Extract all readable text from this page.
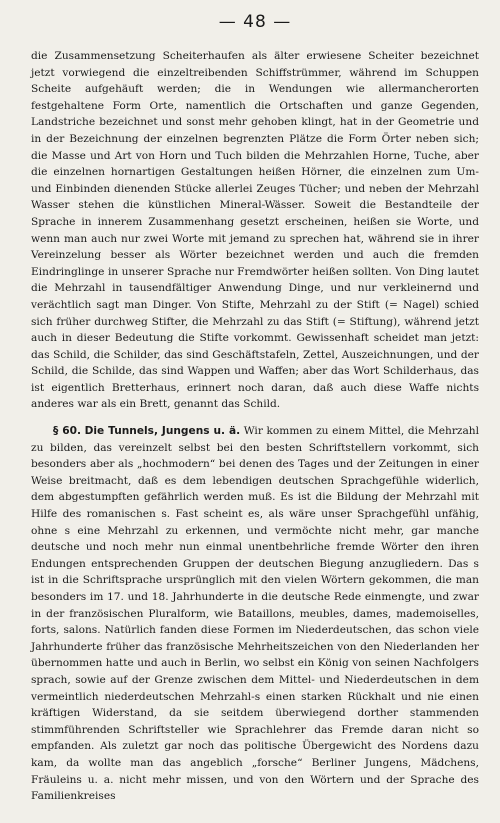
— 48 —

die Zusammensetzung Scheiterhaufen als älter erwiesene Scheiter bezeichnet jetzt vorwiegend die einzeltreibenden Schiffstrümmer, während im Schuppen Scheite aufgehäuft werden; die in Wendungen wie allermancherorten festgehaltene Form Orte, namentlich die Ortschaften und ganze Gegenden, Landstriche bezeichnet und sonst mehr gehoben klingt, hat in der Geometrie und in der Bezeichnung der einzelnen begrenzten Plätze die Form Örter neben sich; die Masse und Art von Horn und Tuch bilden die Mehrzahlen Horne, Tuche, aber die einzelnen hornartigen Gestaltungen heißen Hörner, die einzelnen zum Um- und Einbinden dienenden Stücke allerlei Zeuges Tücher; und neben der Mehrzahl Wasser stehen die künstlichen Mineral-Wässer. Soweit die Bestandteile der Sprache in innerem Zusammenhang gesetzt erscheinen, heißen sie Worte, und wenn man auch nur zwei Worte mit jemand zu sprechen hat, während sie in ihrer Vereinzelung besser als Wörter bezeichnet werden und auch die fremden Eindringlinge in unserer Sprache nur Fremdwörter heißen sollten. Von Ding lautet die Mehrzahl in tausendfältiger Anwendung Dinge, und nur verkleinernd und verächtlich sagt man Dinger. Von Stifte, Mehrzahl zu der Stift (= Nagel) schied sich früher durchweg Stifter, die Mehrzahl zu das Stift (= Stiftung), während jetzt auch in dieser Bedeutung die Stifte vorkommt. Gewissenhaft scheidet man jetzt: das Schild, die Schilder, das sind Geschäftstafeln, Zettel, Auszeichnungen, und der Schild, die Schilde, das sind Wappen und Waffen; aber das Wort Schilderhaus, das ist eigentlich Bretterhaus, erinnert noch daran, daß auch diese Waffe nichts anderes war als ein Brett, genannt das Schild.

§ 60. Die Tunnels, Jungens u. ä. Wir kommen zu einem Mittel, die Mehrzahl zu bilden, das vereinzelt selbst bei den besten Schriftstellern vorkommt, sich besonders aber als „hochmodern“ bei denen des Tages und der Zeitungen in einer Weise breitmacht, daß es dem lebendigen deutschen Sprachgefühle widerlich, dem abgestumpften gefährlich werden muß. Es ist die Bildung der Mehrzahl mit Hilfe des romanischen s. Fast scheint es, als wäre unser Sprachgefühl unfähig, ohne s eine Mehrzahl zu erkennen, und vermöchte nicht mehr, gar manche deutsche und noch mehr nun einmal unentbehrliche fremde Wörter den ihren Endungen entsprechenden Gruppen der deutschen Biegung anzugliedern. Das s ist in die Schriftsprache ursprünglich mit den vielen Wörtern gekommen, die man besonders im 17. und 18. Jahrhunderte in die deutsche Rede einmengte, und zwar in der französischen Pluralform, wie Bataillons, meubles, dames, mademoiselles, forts, salons. Natürlich fanden diese Formen im Niederdeutschen, das schon viele Jahrhunderte früher das französische Mehrheitszeichen von den Niederlanden her übernommen hatte und auch in Berlin, wo selbst ein König von seinen Nachfolgers sprach, sowie auf der Grenze zwischen dem Mittel- und Niederdeutschen in dem vermeintlich niederdeutschen Mehrzahl-s einen starken Rückhalt und nie einen kräftigen Widerstand, da sie seitdem überwiegend dorther stammenden stimmführenden Schriftsteller wie Sprachlehrer das Fremde daran nicht so empfanden. Als zuletzt gar noch das politische Übergewicht des Nordens dazu kam, da wollte man das angeblich „forsche“ Berliner Jungens, Mädchens, Fräuleins u. a. nicht mehr missen, und von den Wörtern und der Sprache des Familienkreises
